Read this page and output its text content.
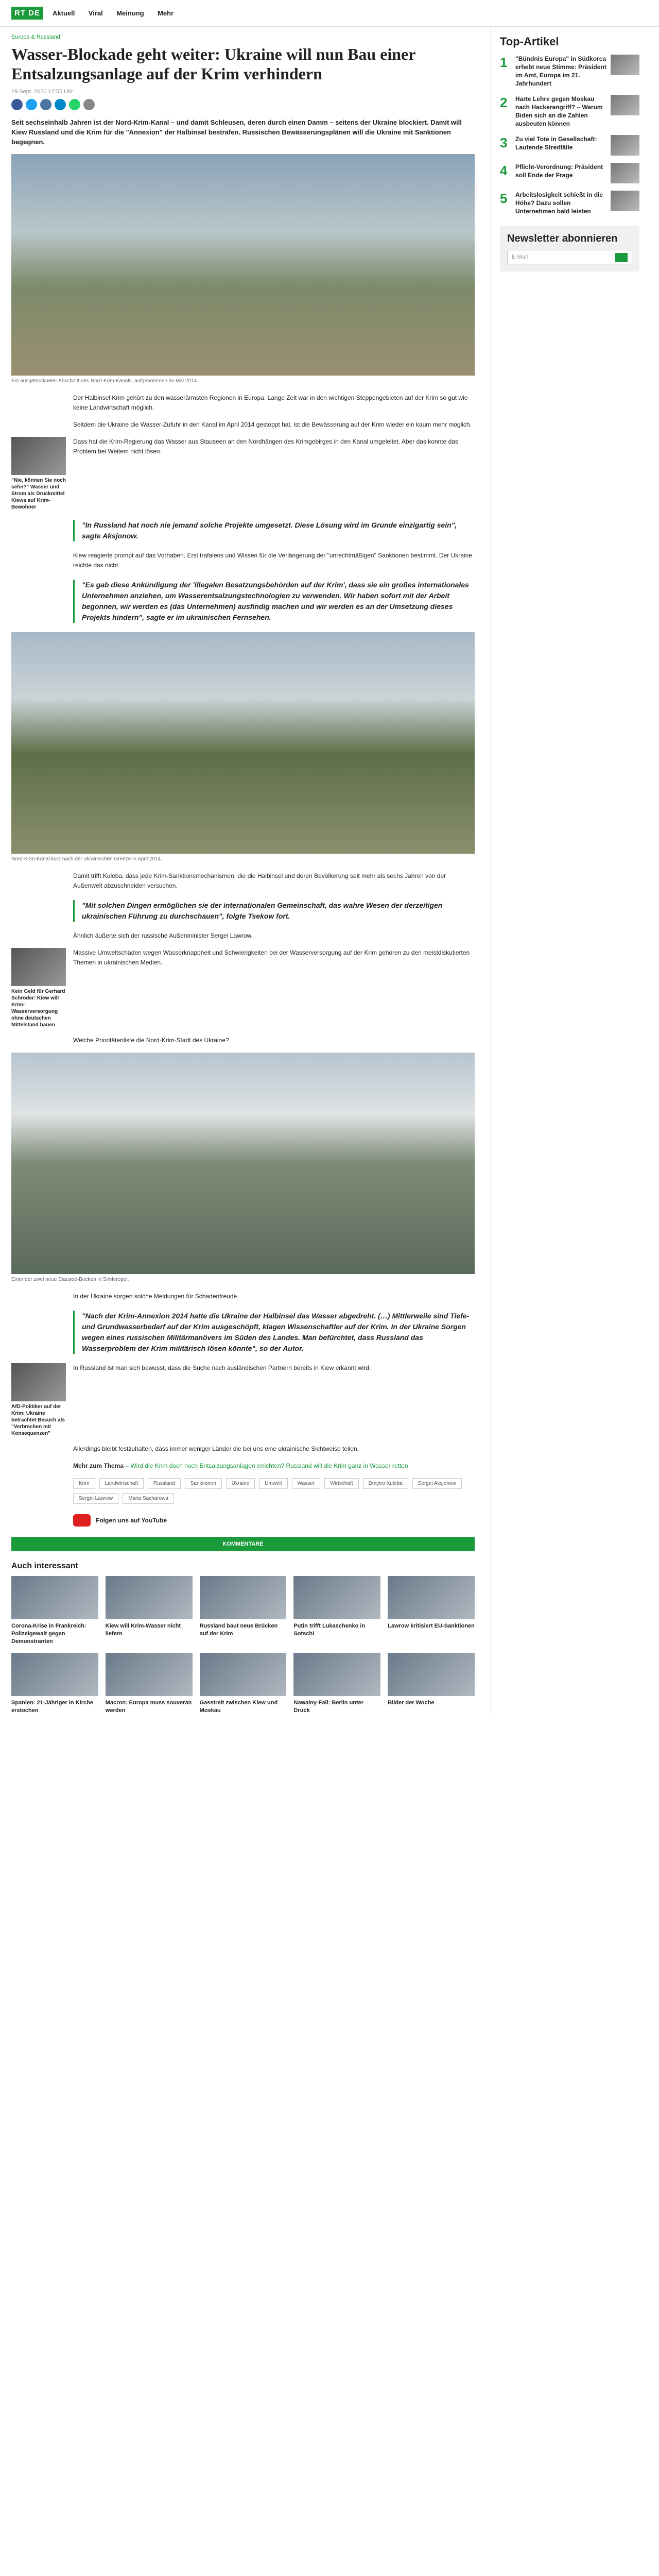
RT DE	Aktuell Viral Meinung Mehr
Europa & Russland
Wasser-Blockade geht weiter: Ukraine will nun Bau einer Entsalzungsanlage auf der Krim verhindern
29 Sept. 2020 17:55 Uhr

Seit sechseinhalb Jahren ist der Nord-Krim-Kanal – und damit Schleusen, deren durch einen Damm – seitens der Ukraine blockiert. Damit will Kiew Russland und die Krim für die "Annexion" der Halbinsel bestrafen. Russischen Bewässerungsplänen will die Ukraine mit Sanktionen begegnen.

Ein ausgetrockneter Abschnitt des Nord-Krim-Kanals, aufgenommen im Mai 2014.

Der Halbinsel Krim gehört zu den wasserärmsten Regionen in Europa. Lange Zeit war in den wichtigen Steppengebieten auf der Krim so gut wie keine Landwirtschaft möglich.

Seitdem die Ukraine die Wasser-Zufuhr in den Kanal im April 2014 gestoppt hat, ist die Bewässerung auf der Krim wieder ein kaum mehr möglich.

"Nie, können Sie noch sehn?" Wasser und Strom als Druckmittel Kiews auf Krim-Bewohner

Dass hat die Krim-Regierung das Wasser aus Stauseen an den Nordhängen des Krimgebirges in den Kanal umgeleitet. Aber das konnte das Problem bei Weitem nicht lösen.

"In Russland hat noch nie jemand solche Projekte umgesetzt. Diese Lösung wird im Grunde einzigartig sein", sagte Aksjonow.

Kiew reagierte prompt auf das Vorhaben. Erst trafalens und Wissen für die Verlängerung der "unrechtmäßigen" Sanktionen bestimmt. Der Ukraine reichte das nicht.

"Es gab diese Ankündigung der 'illegalen Besatzungsbehörden auf der Krim', dass sie ein großes internationales Unternehmen anziehen, um Wasserentsalzungstechnologien zu verwenden. Wir haben sofort mit der Arbeit begonnen, wir werden es (das Unternehmen) ausfindig machen und wir werden es an der Umsetzung dieses Projekts hindern", sagte er im ukrainischen Fernsehen.
Nord-Krim-Kanal kurz nach der ukrainischen Grenze in April 2014.

Damit trifft Kuleba, dass jede Krim-Sanktionsmechanismen, die die Halbinsel und deren Bevölkerung seit mehr als sechs Jahren von der Außenwelt abzuschneiden versuchen.

"Mit solchen Dingen ermöglichen sie der internationalen Gemeinschaft, das wahre Wesen der derzeitigen ukrainischen Führung zu durchschauen", folgte Tsekow fort.

Ähnlich äußerte sich der russische Außenminister Sergei Lawrow.

Kein Geld für Gerhard Schröder: Kiew will Krim-Wasserversorgung ohne deutschen Mittelstand bauen

Massive Umweltschäden wegen Wasserknappheit und Schwierigkeiten bei der Wasserversorgung auf der Krim gehören zu den meistdiskutierten Themen in ukrainischen Medien.

Welche Prioritätenliste die Nord-Krim-Stadt des Ukraine?

Einer der zwei neue Stausee-Becken in Simferopol.

In der Ukraine sorgen solche Meldungen für Schadenfreude.

"Nach der Krim-Annexion 2014 hatte die Ukraine der Halbinsel das Wasser abgedreht. (…) Mittlerweile sind Tiefe- und Grundwasserbedarf auf der Krim ausgeschöpft, klagen Wissenschaftler auf der Krim. In der Ukraine Sorgen wegen eines russischen Militärmanövers im Süden des Landes. Man befürchtet, dass Russland das Wasserproblem der Krim militärisch lösen könnte", so der Autor.
AfD-Politiker auf der Krim: Ukraine betrachtet Besuch als "Verbrechen mit Konsequenzen"

In Russland ist man sich bewusst, dass die Suche nach ausländischen Partnern bereits in Kiew erkannt wird.

Allerdings bleibt festzuhalten, dass immer weniger Länder die bei uns eine ukrainische Sichtweise teilen.

Mehr zum Thema – Wird die Krim doch noch Entsalzungsanlagen errichten? Russland will die Krim ganz in Wasser retten

Krim	Landwirtschaft	Russland	Sanktionen	Ukraine	Umwelt	Wasser	Wirtschaft	Dmytro Kuleba	Sergei Aksjonow
Sergei Lawrow	Maria Sacharowa
Folgen uns auf YouTube
KOMMENTARE
Auch interessant
Corona-Krise in Frankreich: Polizeigewalt gegen Demonstranten
Kiew will Krim-Wasser nicht liefern
Russland baut neue Brücken auf der Krim
Putin trifft Lukaschenko in Sotschi
Lawrow kritisiert EU-Sanktionen
Spanien: 21-Jähriger in Kirche erstochen
Macron: Europa muss souverän werden
Gasstreit zwischen Kiew und Moskau
Nawalny-Fall: Berlin unter Druck
Bilder der Woche
Top-Artikel
1	"Bündnis Europa" in Südkorea erhebt neue Stimme: Präsident im Amt, Europa im 21. Jahrhundert
2	Harte Lehre gegen Moskau nach Hackerangriff? – Warum Biden sich an die Zahlen ausbeuten können
3	Zu viel Tote in Gesellschaft: Laufende Streitfälle
4	Pflicht-Verordnung: Präsident soll Ende der Frage
5	Arbeitslosigkeit schießt in die Höhe? Dazu sollen Unternehmen bald leisten
Newsletter abonnieren
E-Mail
